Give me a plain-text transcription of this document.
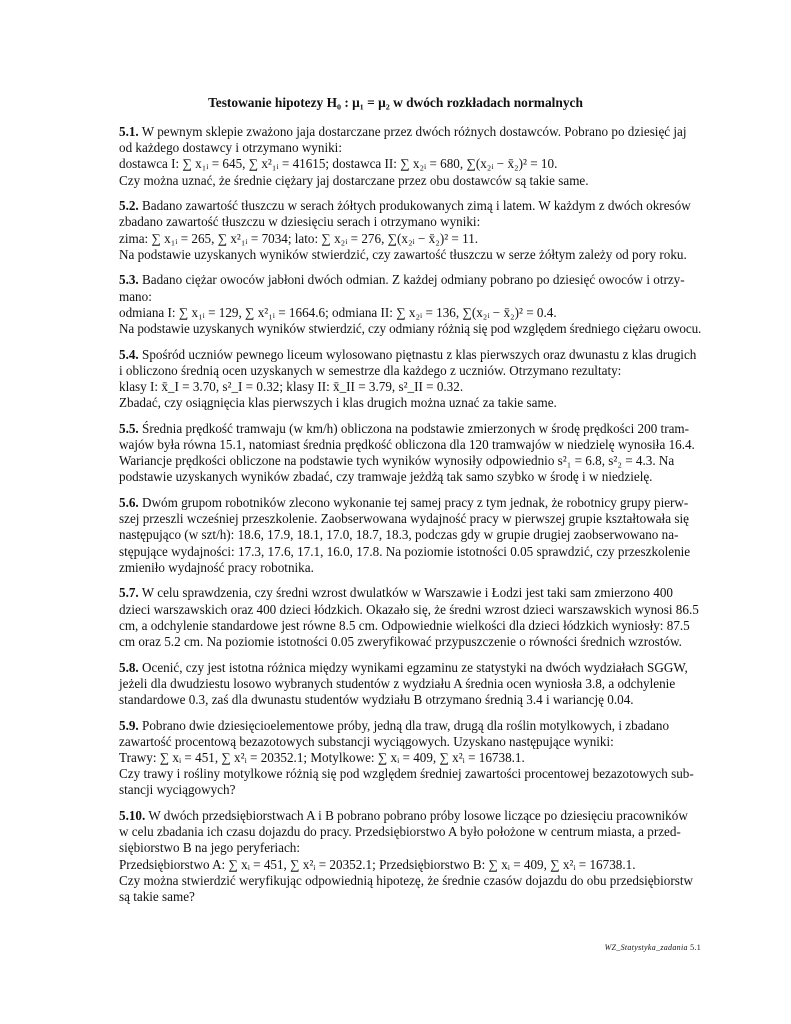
Testowanie hipotezy H₀ : μ₁ = μ₂ w dwóch rozkładach normalnych
5.1. W pewnym sklepie zważono jaja dostarczane przez dwóch różnych dostawców. Pobrano po dziesięć jaj
od każdego dostawcy i otrzymano wyniki:
dostawca I: ∑ x₁ᵢ = 645, ∑ x²₁ᵢ = 41615; dostawca II: ∑ x₂ᵢ = 680, ∑(x₂ᵢ − x̄₂)² = 10.
Czy można uznać, że średnie ciężary jaj dostarczane przez obu dostawców są takie same.
5.2. Badano zawartość tłuszczu w serach żółtych produkowanych zimą i latem. W każdym z dwóch okresów
zbadano zawartość tłuszczu w dziesięciu serach i otrzymano wyniki:
zima: ∑ x₁ᵢ = 265, ∑ x²₁ᵢ = 7034; lato: ∑ x₂ᵢ = 276, ∑(x₂ᵢ − x̄₂)² = 11.
Na podstawie uzyskanych wyników stwierdzić, czy zawartość tłuszczu w serze żółtym zależy od pory roku.
5.3. Badano ciężar owoców jabłoni dwóch odmian. Z każdej odmiany pobrano po dziesięć owoców i otrzy-
mano:
odmiana I: ∑ x₁ᵢ = 129, ∑ x²₁ᵢ = 1664.6; odmiana II: ∑ x₂ᵢ = 136, ∑(x₂ᵢ − x̄₂)² = 0.4.
Na podstawie uzyskanych wyników stwierdzić, czy odmiany różnią się pod względem średniego ciężaru owocu.
5.4. Spośród uczniów pewnego liceum wylosowano piętnastu z klas pierwszych oraz dwunastu z klas drugich
i obliczono średnią ocen uzyskanych w semestrze dla każdego z uczniów. Otrzymano rezultaty:
klasy I: x̄_I = 3.70, s²_I = 0.32; klasy II: x̄_II = 3.79, s²_II = 0.32.
Zbadać, czy osiągnięcia klas pierwszych i klas drugich można uznać za takie same.
5.5. Średnia prędkość tramwaju (w km/h) obliczona na podstawie zmierzonych w środę prędkości 200 tram-
wajów była równa 15.1, natomiast średnia prędkość obliczona dla 120 tramwajów w niedzielę wynosiła 16.4.
Wariancje prędkości obliczone na podstawie tych wyników wynosiły odpowiednio s²₁ = 6.8, s²₂ = 4.3. Na
podstawie uzyskanych wyników zbadać, czy tramwaje jeżdżą tak samo szybko w środę i w niedzielę.
5.6. Dwóm grupom robotników zlecono wykonanie tej samej pracy z tym jednak, że robotnicy grupy pierw-
szej przeszli wcześniej przeszkolenie. Zaobserwowana wydajność pracy w pierwszej grupie kształtowała się
następująco (w szt/h): 18.6, 17.9, 18.1, 17.0, 18.7, 18.3, podczas gdy w grupie drugiej zaobserwowano na-
stępujące wydajności: 17.3, 17.6, 17.1, 16.0, 17.8. Na poziomie istotności 0.05 sprawdzić, czy przeszkolenie
zmieniło wydajność pracy robotnika.
5.7. W celu sprawdzenia, czy średni wzrost dwulatków w Warszawie i Łodzi jest taki sam zmierzono 400
dzieci warszawskich oraz 400 dzieci łódzkich. Okazało się, że średni wzrost dzieci warszawskich wynosi 86.5
cm, a odchylenie standardowe jest równe 8.5 cm. Odpowiednie wielkości dla dzieci łódzkich wyniosły: 87.5
cm oraz 5.2 cm. Na poziomie istotności 0.05 zweryfikować przypuszczenie o równości średnich wzrostów.
5.8. Ocenić, czy jest istotna różnica między wynikami egzaminu ze statystyki na dwóch wydziałach SGGW,
jeżeli dla dwudziestu losowo wybranych studentów z wydziału A średnia ocen wyniosła 3.8, a odchylenie
standardowe 0.3, zaś dla dwunastu studentów wydziału B otrzymano średnią 3.4 i wariancję 0.04.
5.9. Pobrano dwie dziesięcioelementowe próby, jedną dla traw, drugą dla roślin motylkowych, i zbadano
zawartość procentową bezazotowych substancji wyciągowych. Uzyskano następujące wyniki:
Trawy: ∑ xᵢ = 451, ∑ x²ᵢ = 20352.1; Motylkowe: ∑ xᵢ = 409, ∑ x²ᵢ = 16738.1.
Czy trawy i rośliny motylkowe różnią się pod względem średniej zawartości procentowej bezazotowych sub-
stancji wyciągowych?
5.10. W dwóch przedsiębiorstwach A i B pobrano pobrano próby losowe liczące po dziesięciu pracowników
w celu zbadania ich czasu dojazdu do pracy. Przedsiębiorstwo A było położone w centrum miasta, a przed-
siębiorstwo B na jego peryferiach:
Przedsiębiorstwo A: ∑ xᵢ = 451, ∑ x²ᵢ = 20352.1; Przedsiębiorstwo B: ∑ xᵢ = 409, ∑ x²ᵢ = 16738.1.
Czy można stwierdzić weryfikując odpowiednią hipotezę, że średnie czasów dojazdu do obu przedsiębiorstw
są takie same?
WZ_Statystyka_zadania 5.1
